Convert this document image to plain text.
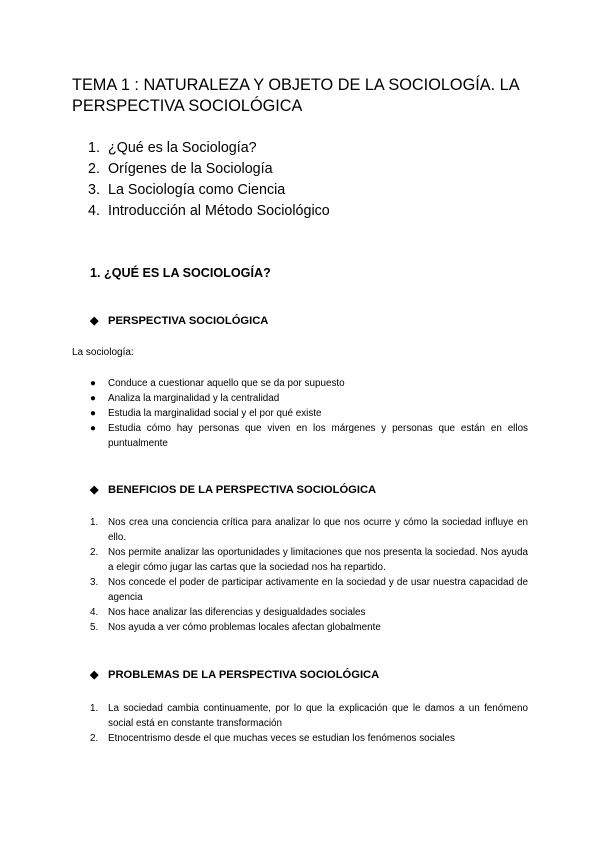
TEMA 1 : NATURALEZA Y OBJETO DE LA SOCIOLOGÍA. LA PERSPECTIVA SOCIOLÓGICA
1. ¿Qué es la Sociología?
2. Orígenes de la Sociología
3. La Sociología como Ciencia
4. Introducción al Método Sociológico
1. ¿QUÉ ES LA SOCIOLOGÍA?
◆ PERSPECTIVA SOCIOLÓGICA

La sociología:

●	Conduce a cuestionar aquello que se da por supuesto
●	Analiza la marginalidad y la centralidad
●	Estudia la marginalidad social y el por qué existe
●	Estudia cómo hay personas que viven en los márgenes y personas que están en ellos puntualmente
◆ BENEFICIOS DE LA PERSPECTIVA SOCIOLÓGICA
1. Nos crea una conciencia crítica para analizar lo que nos ocurre y cómo la sociedad influye en ello.
2. Nos permite analizar las oportunidades y limitaciones que nos presenta la sociedad. Nos ayuda a elegir cómo jugar las cartas que la sociedad nos ha repartido.
3. Nos concede el poder de participar activamente en la sociedad y de usar nuestra capacidad de agencia
4. Nos hace analizar las diferencias y desigualdades sociales
5. Nos ayuda a ver cómo problemas locales afectan globalmente
◆ PROBLEMAS DE LA PERSPECTIVA SOCIOLÓGICA
1. La sociedad cambia continuamente, por lo que la explicación que le damos a un fenómeno social está en constante transformación
2. Etnocentrismo desde el que muchas veces se estudian los fenómenos sociales
